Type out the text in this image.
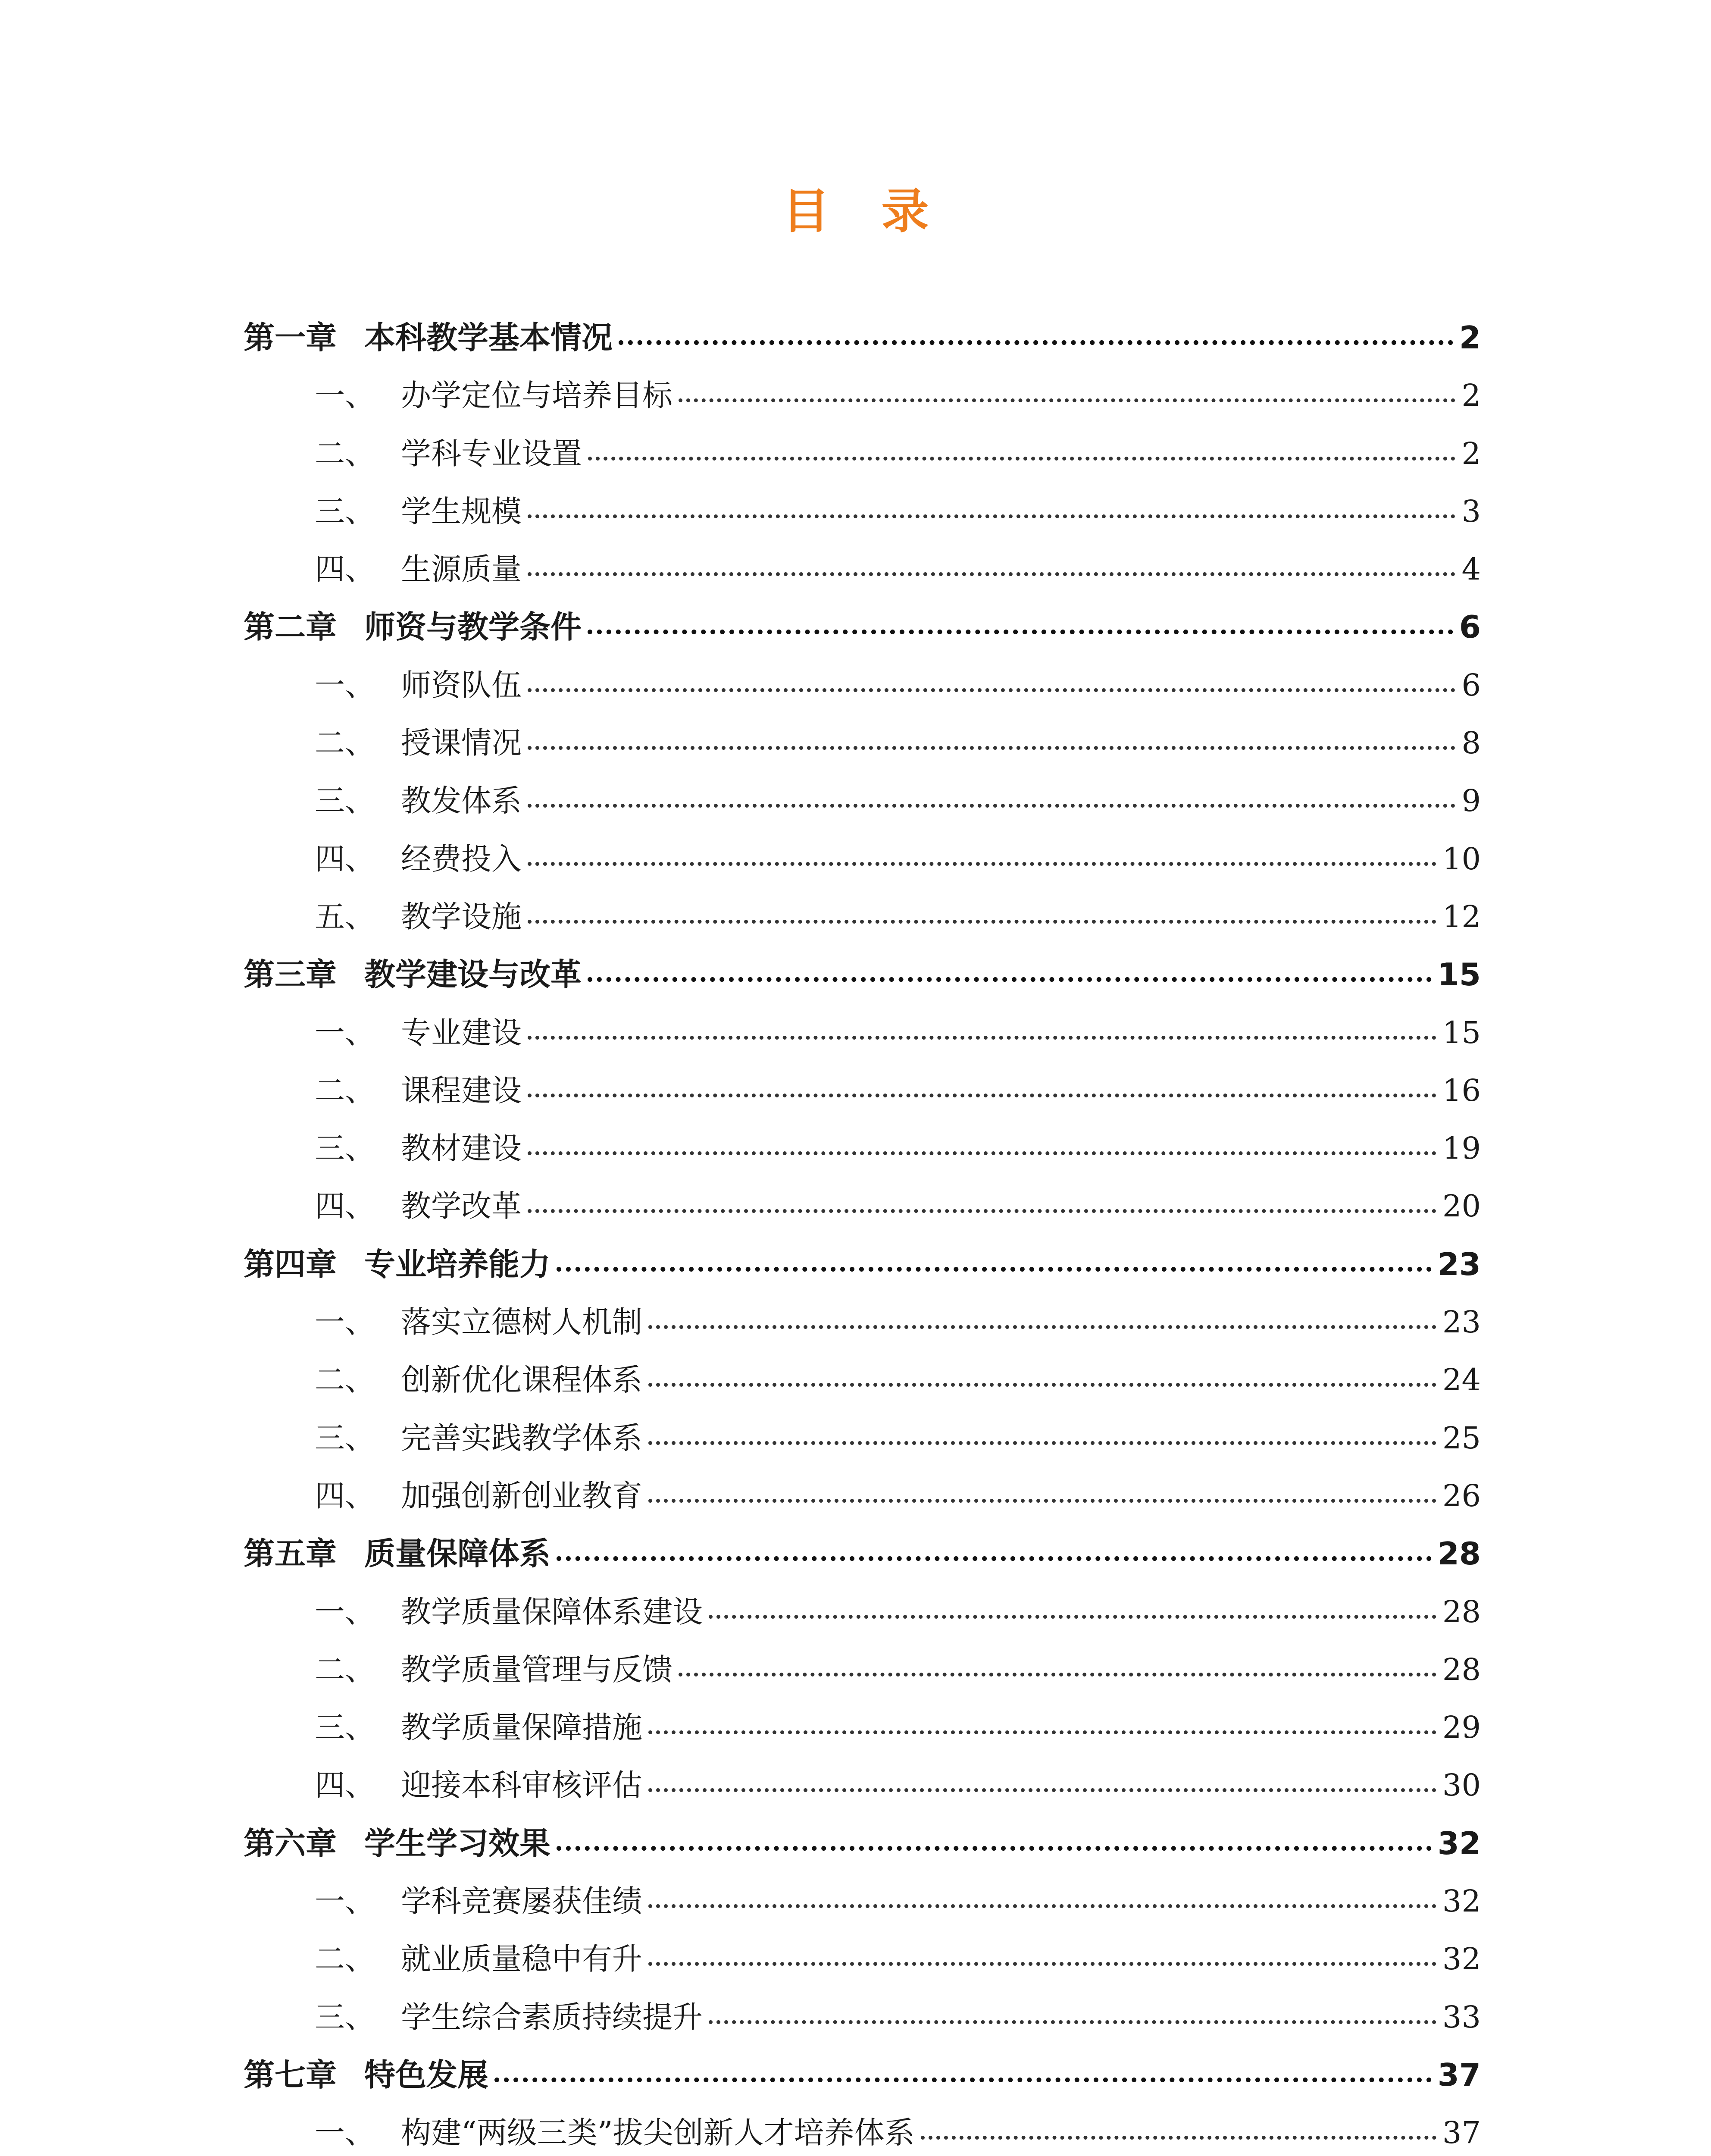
目录
第一章 本科教学基本情况	2
一、 办学定位与培养目标	2
二、 学科专业设置	2
三、 学生规模	3
四、 生源质量	4
第二章 师资与教学条件	6
一、 师资队伍	6
二、 授课情况	8
三、 教发体系	9
四、 经费投入	10
五、 教学设施	12
第三章 教学建设与改革	15
一、 专业建设	15
二、 课程建设	16
三、 教材建设	19
四、 教学改革	20
第四章 专业培养能力	23
一、 落实立德树人机制	23
二、 创新优化课程体系	24
三、 完善实践教学体系	25
四、 加强创新创业教育	26
第五章 质量保障体系	28
一、 教学质量保障体系建设	28
二、 教学质量管理与反馈	28
三、 教学质量保障措施	29
四、 迎接本科审核评估	30
第六章 学生学习效果	32
一、 学科竞赛屡获佳绩	32
二、 就业质量稳中有升	32
三、 学生综合素质持续提升	33
第七章 特色发展	37
一、 构建“两级三类”拔尖创新人才培养体系	37
